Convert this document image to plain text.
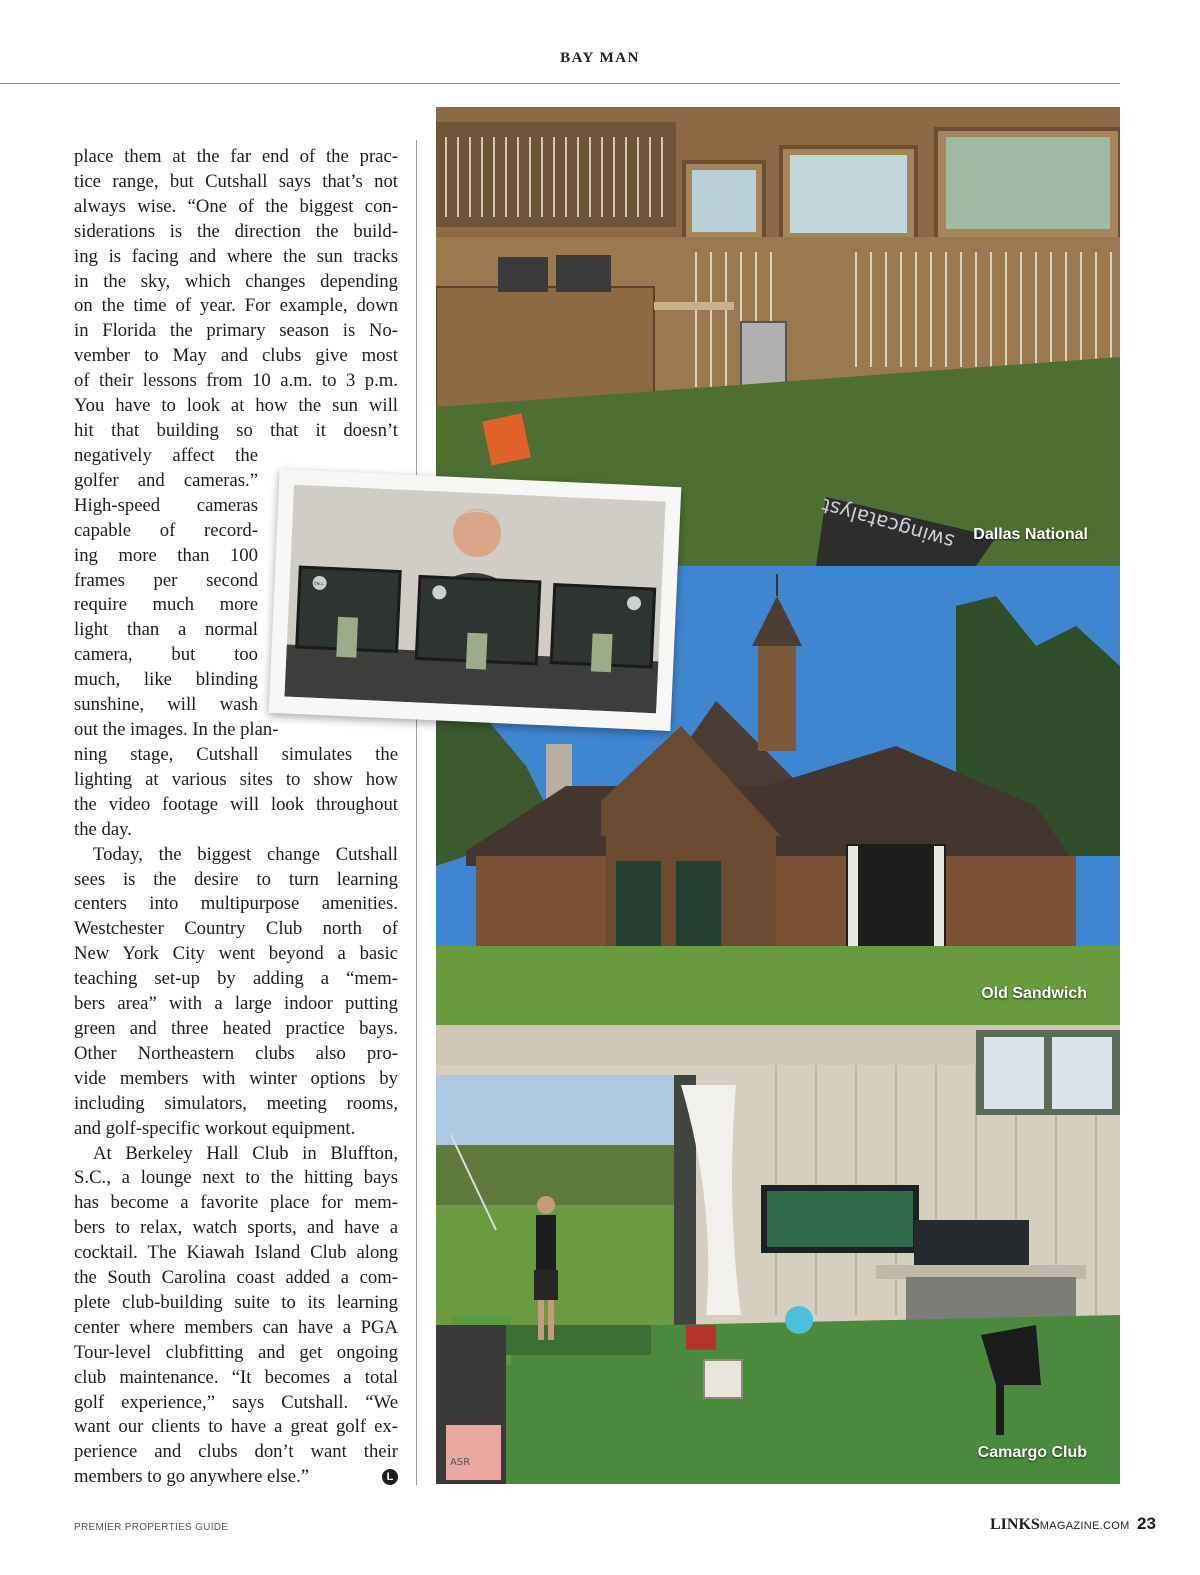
BAY MAN
place them at the far end of the prac-
tice range, but Cutshall says that’s not
always wise. “One of the biggest con-
siderations is the direction the build-
ing is facing and where the sun tracks
in the sky, which changes depending
on the time of year. For example, down
in Florida the primary season is No-
vember to May and clubs give most
of their lessons from 10 a.m. to 3 p.m.
You have to look at how the sun will
hit that building so that it doesn’t
negatively affect the
golfer and cameras.”
High-speed cameras
capable of record-
ing more than 100
frames per second
require much more
light than a normal
camera, but too
much, like blinding
sunshine, will wash
out the images. In the plan-
ning stage, Cutshall simulates the
lighting at various sites to show how
the video footage will look throughout
the day.
Today, the biggest change Cutshall
sees is the desire to turn learning
centers into multipurpose amenities.
Westchester Country Club north of
New York City went beyond a basic
teaching set-up by adding a “mem-
bers area” with a large indoor putting
green and three heated practice bays.
Other Northeastern clubs also pro-
vide members with winter options by
including simulators, meeting rooms,
and golf-specific workout equipment.
At Berkeley Hall Club in Bluffton,
S.C., a lounge next to the hitting bays
has become a favorite place for mem-
bers to relax, watch sports, and have a
cocktail. The Kiawah Island Club along
the South Carolina coast added a com-
plete club-building suite to its learning
center where members can have a PGA
Tour-level clubfitting and get ongoing
club maintenance. “It becomes a total
golf experience,” says Cutshall. “We
want our clients to have a great golf ex-
perience and clubs don’t want their
members to go anywhere else.”	L
swingcatalyst Dallas National
Old Sandwich
ASR
Camargo Club
DELL
PREMIER PROPERTIES GUIDE	LINKSMAGAZINE.COM 23
